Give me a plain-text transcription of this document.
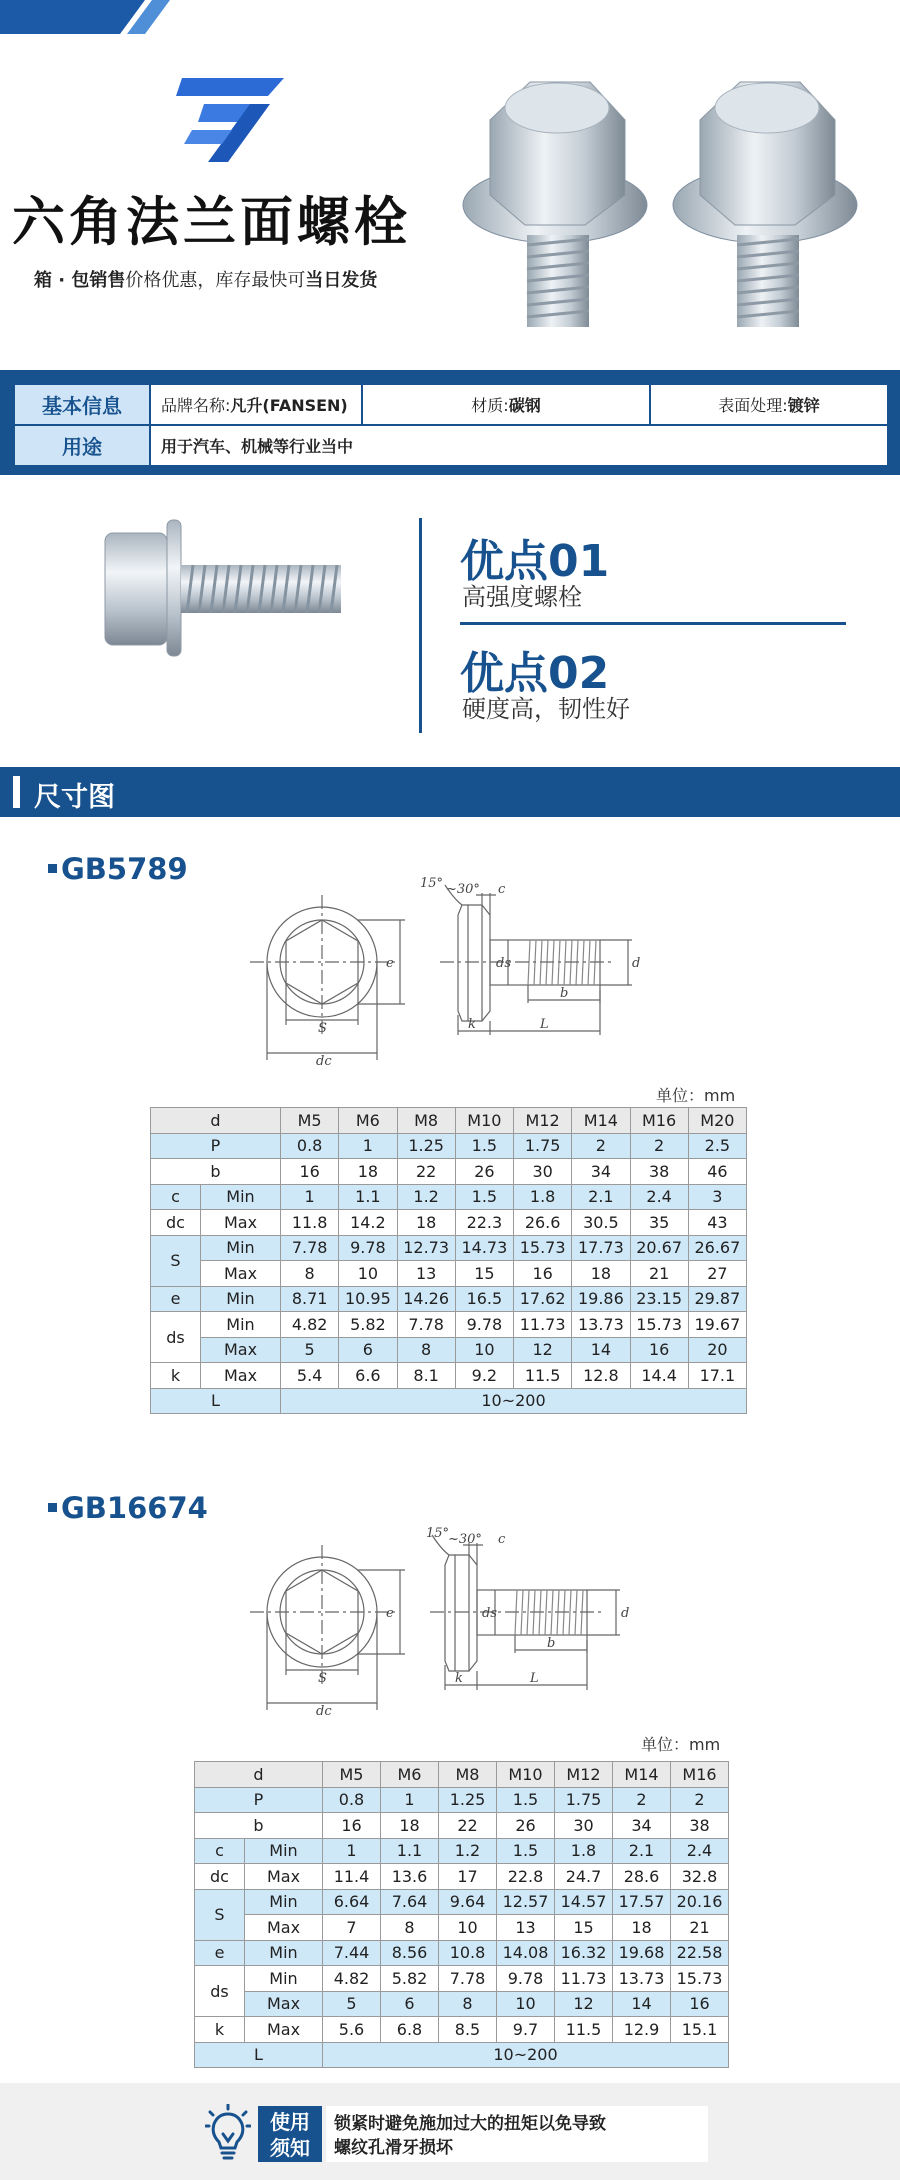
六角法兰面螺栓
箱 · 包销售价格优惠，库存最快可当日发货
基本信息	品牌名称:凡升(FANSEN)	材质:碳钢	表面处理:镀锌
用途	用于汽车、机械等行业当中		
优点01
高强度螺栓
优点02
硬度高，韧性好
尺寸图
GB5789	15° ~30° c
e	d
ds
b
k	L
S
dc
单位：mm
d		M5	M6	M8	M10	M12	M14	M16	M20
P		0.8	1	1.25	1.5	1.75	2	2	2.5
b		16	18	22	26	30	34	38	46
c	Min	1	1.1	1.2	1.5	1.8	2.1	2.4	3
dc	Max	11.8	14.2	18	22.3	26.6	30.5	35	43
S	Min	7.78	9.78	12.73	14.73	15.73	17.73	20.67	26.67
	Max	8	10	13	15	16	18	21	27
e	Min	8.71	10.95	14.26	16.5	17.62	19.86	23.15	29.87
ds	Min	4.82	5.82	7.78	9.78	11.73	13.73	15.73	19.67
	Max	5	6	8	10	12	14	16	20
k	Max	5.4	6.6	8.1	9.2	11.5	12.8	14.4	17.1
L		10~200							
GB16674
15°
~30° c
e	d
ds
b
k	L
S
dc
单位：mm
d		M5	M6	M8	M10	M12	M14	M16
P		0.8	1	1.25	1.5	1.75	2	2
b		16	18	22	26	30	34	38
c	Min	1	1.1	1.2	1.5	1.8	2.1	2.4
dc	Max	11.4	13.6	17	22.8	24.7	28.6	32.8
S	Min	6.64	7.64	9.64	12.57	14.57	17.57	20.16
	Max	7	8	10	13	15	18	21
e	Min	7.44	8.56	10.8	14.08	16.32	19.68	22.58
ds	Min	4.82	5.82	7.78	9.78	11.73	13.73	15.73
	Max	5	6	8	10	12	14	16
k	Max	5.6	6.8	8.5	9.7	11.5	12.9	15.1
L		10~200						
使用
须知
锁紧时避免施加过大的扭矩以免导致
螺纹孔滑牙损坏
